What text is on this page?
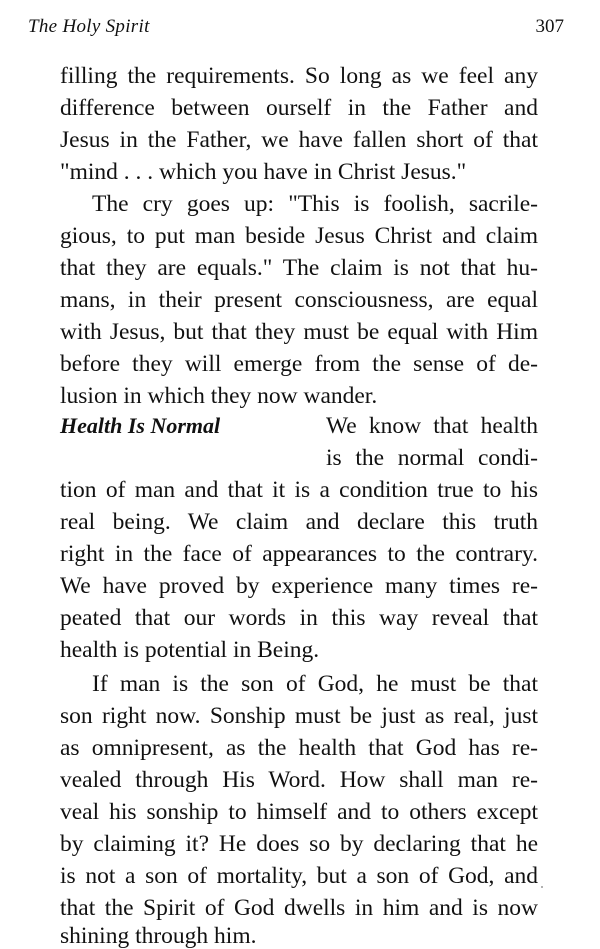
The Holy Spirit	307
filling the requirements. So long as we feel any
difference between ourself in the Father and
Jesus in the Father, we have fallen short of that
"mind . . . which you have in Christ Jesus."
The cry goes up: "This is foolish, sacrile-
gious, to put man beside Jesus Christ and claim
that they are equals." The claim is not that hu-
mans, in their present consciousness, are equal
with Jesus, but that they must be equal with Him
before they will emerge from the sense of de-
lusion in which they now wander.
Health Is Normal	We know that health
is the normal condi-
tion of man and that it is a condition true to his
real being. We claim and declare this truth
right in the face of appearances to the contrary.
We have proved by experience many times re-
peated that our words in this way reveal that
health is potential in Being.
If man is the son of God, he must be that
son right now. Sonship must be just as real, just
as omnipresent, as the health that God has re-
vealed through His Word. How shall man re-
veal his sonship to himself and to others except
by claiming it? He does so by declaring that he
is not a son of mortality, but a son of God, and
that the Spirit of God dwells in him and is now
shining through him.
